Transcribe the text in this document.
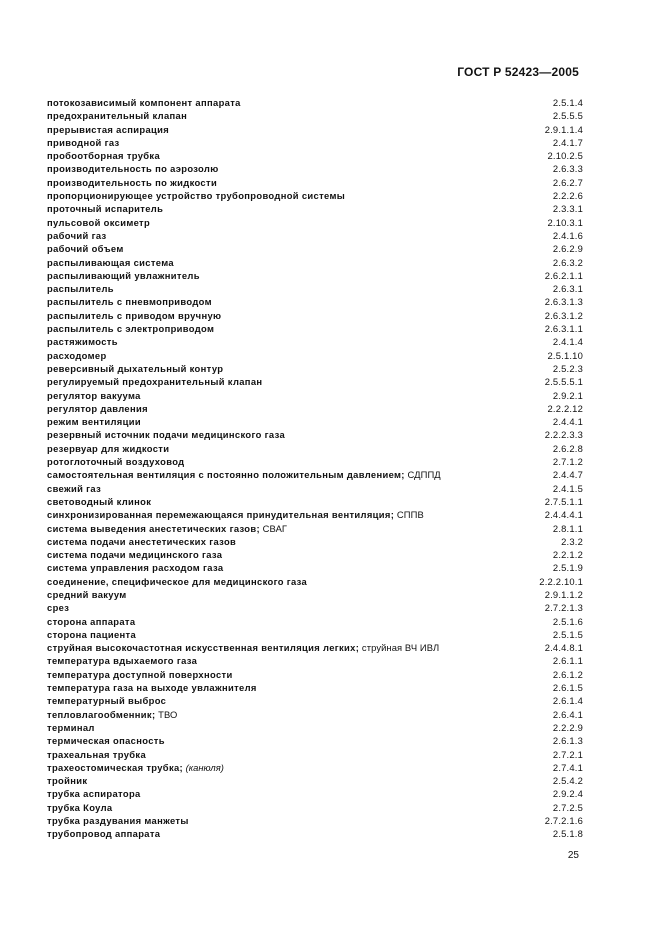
ГОСТ Р 52423—2005
потокозависимый компонент аппарата	2.5.1.4
предохранительный клапан	2.5.5.5
прерывистая аспирация	2.9.1.1.4
приводной газ	2.4.1.7
пробоотборная трубка	2.10.2.5
производительность по аэрозолю	2.6.3.3
производительность по жидкости	2.6.2.7
пропорционирующее устройство трубопроводной системы	2.2.2.6
проточный испаритель	2.3.3.1
пульсовой оксиметр	2.10.3.1
рабочий газ	2.4.1.6
рабочий объем	2.6.2.9
распыливающая система	2.6.3.2
распыливающий увлажнитель	2.6.2.1.1
распылитель	2.6.3.1
распылитель с пневмоприводом	2.6.3.1.3
распылитель с приводом вручную	2.6.3.1.2
распылитель с электроприводом	2.6.3.1.1
растяжимость	2.4.1.4
расходомер	2.5.1.10
реверсивный дыхательный контур	2.5.2.3
регулируемый предохранительный клапан	2.5.5.5.1
регулятор вакуума	2.9.2.1
регулятор давления	2.2.2.12
режим вентиляции	2.4.4.1
резервный источник подачи медицинского газа	2.2.2.3.3
резервуар для жидкости	2.6.2.8
ротоглоточный воздуховод	2.7.1.2
самостоятельная вентиляция с постоянно положительным давлением; СДППД	2.4.4.7
свежий газ	2.4.1.5
световодный клинок	2.7.5.1.1
синхронизированная перемежающаяся принудительная вентиляция; СППВ	2.4.4.4.1
система выведения анестетических газов; СВАГ	2.8.1.1
система подачи анестетических газов	2.3.2
система подачи медицинского газа	2.2.1.2
система управления расходом газа	2.5.1.9
соединение, специфическое для медицинского газа	2.2.2.10.1
средний вакуум	2.9.1.1.2
срез	2.7.2.1.3
сторона аппарата	2.5.1.6
сторона пациента	2.5.1.5
струйная высокочастотная искусственная вентиляция легких; струйная ВЧ ИВЛ	2.4.4.8.1
температура вдыхаемого газа	2.6.1.1
температура доступной поверхности	2.6.1.2
температура газа на выходе увлажнителя	2.6.1.5
температурный выброс	2.6.1.4
тепловлагообменник; ТВО	2.6.4.1
терминал	2.2.2.9
термическая опасность	2.6.1.3
трахеальная трубка	2.7.2.1
трахеостомическая трубка; (канюля)	2.7.4.1
тройник	2.5.4.2
трубка аспиратора	2.9.2.4
трубка Коула	2.7.2.5
трубка раздувания манжеты	2.7.2.1.6
трубопровод аппарата	2.5.1.8
25
